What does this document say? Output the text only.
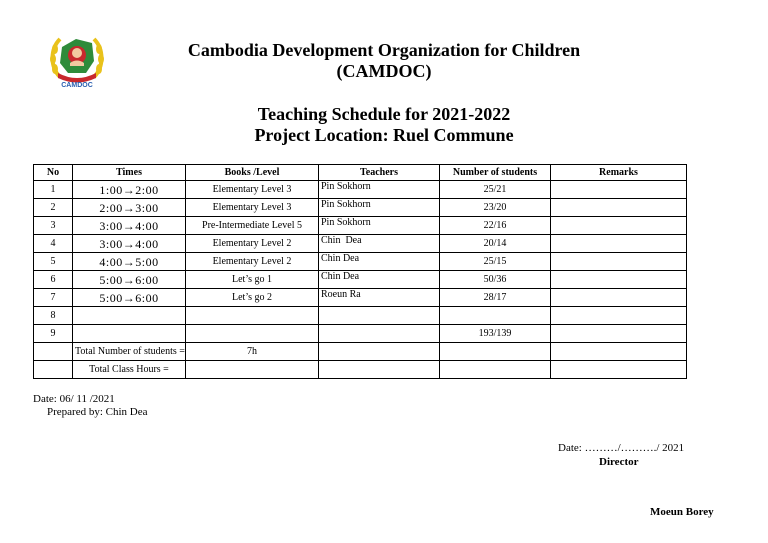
CAMDOC
Cambodia Development Organization for Children
(CAMDOC)
Teaching Schedule for 2021-2022
Project Location: Ruel Commune
No	Times	Books /Level	Teachers	Number of students	Remarks
1	1:00→2:00	Elementary Level 3	Pin Sokhorn	25/21	
2	2:00→3:00	Elementary Level 3	Pin Sokhorn	23/20	
3	3:00→4:00	Pre-Intermediate Level 5	Pin Sokhorn	22/16	
4	3:00→4:00	Elementary Level 2	Chin  Dea	20/14	
5	4:00→5:00	Elementary Level 2	Chin Dea	25/15	
6	5:00→6:00	Let’s go 1	Chin Dea	50/36	
7	5:00→6:00	Let’s go 2	Roeun Ra	28/17	
8					
9				193/139	
	Total Number of students =	7h			
	Total Class Hours =				
Date: 06/ 11 /2021
Prepared by: Chin Dea
Date: ………/………./ 2021
Director
Moeun Borey
